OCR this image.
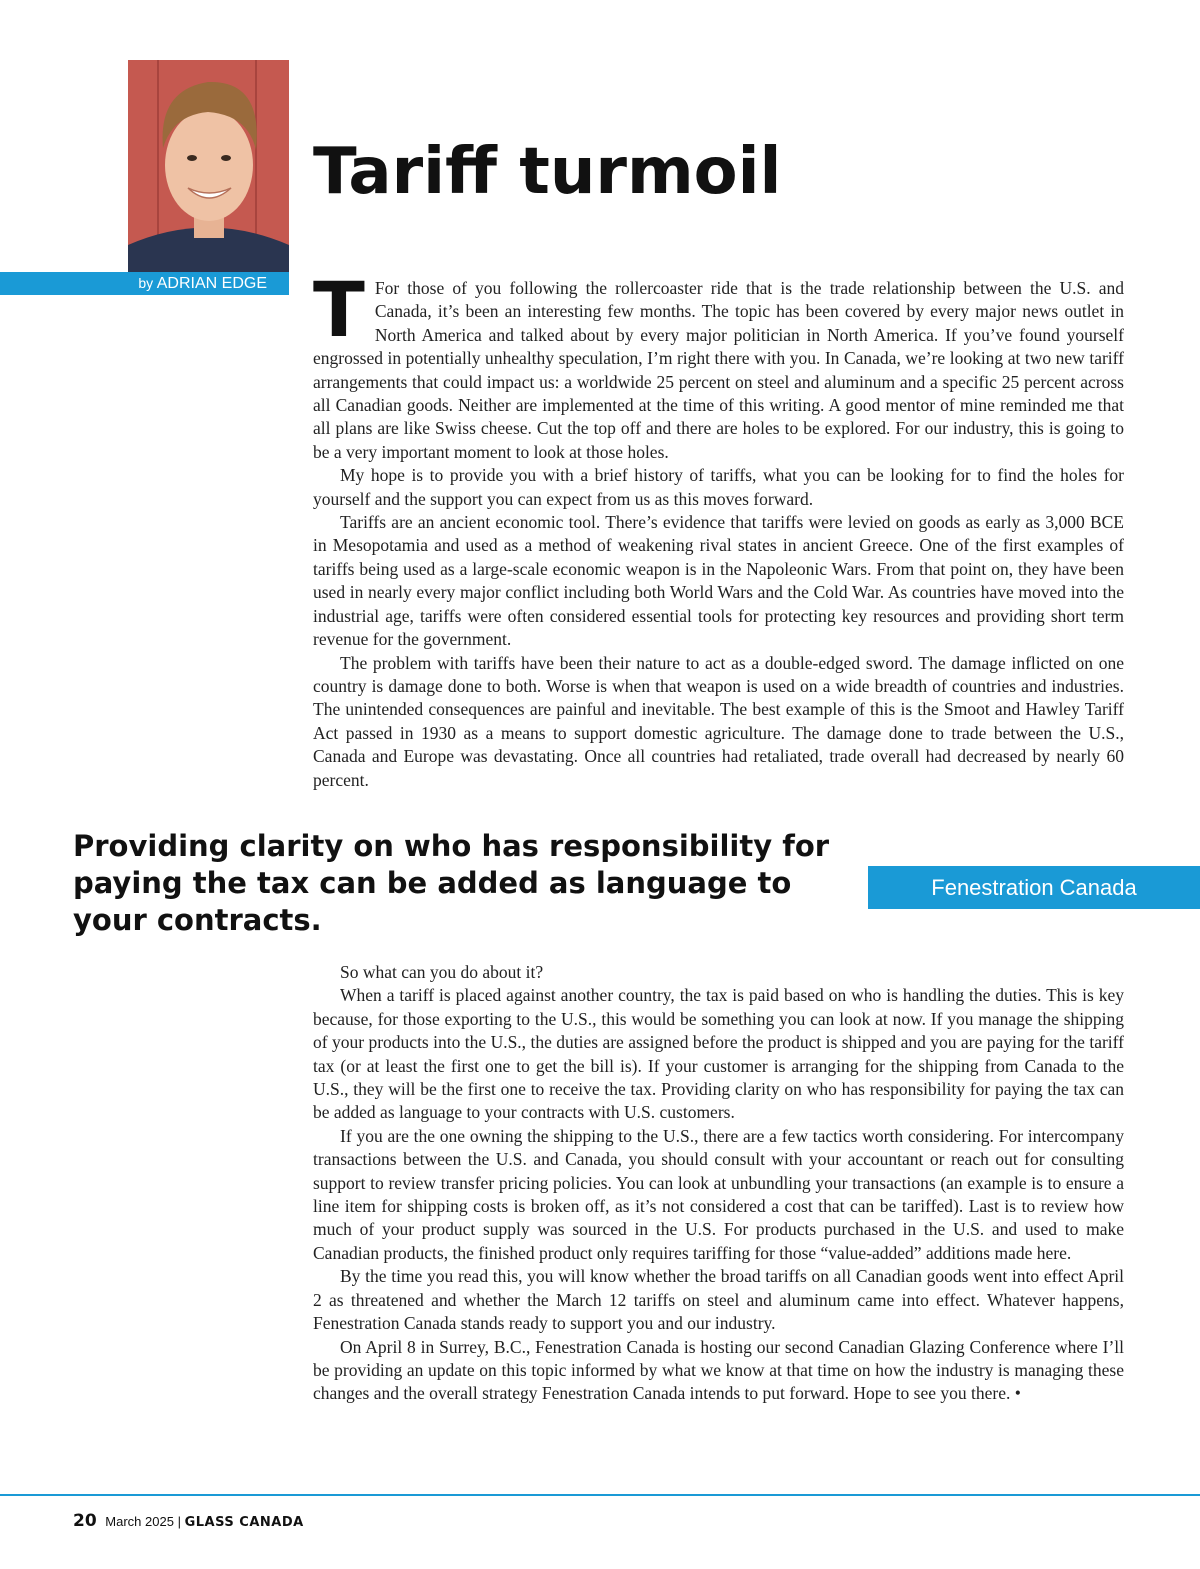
by ADRIAN EDGE
Tariff turmoil

T For those of you following the rollercoaster ride that is the trade relationship between the U.S. and Canada, it’s been an interesting few months. The topic has been covered by every major news outlet in North America and talked about by every major politician in North America. If you’ve found yourself engrossed in potentially unhealthy speculation, I’m right there with you. In Canada, we’re looking at two new tariff arrangements that could impact us: a worldwide 25 percent on steel and aluminum and a specific 25 percent across all Canadian goods. Neither are implemented at the time of this writing. A good mentor of mine reminded me that all plans are like Swiss cheese. Cut the top off and there are holes to be explored. For our industry, this is going to be a very important moment to look at those holes.

My hope is to provide you with a brief history of tariffs, what you can be looking for to find the holes for yourself and the support you can expect from us as this moves forward.

Tariffs are an ancient economic tool. There’s evidence that tariffs were levied on goods as early as 3,000 BCE in Mesopotamia and used as a method of weakening rival states in ancient Greece. One of the first examples of tariffs being used as a large-scale economic weapon is in the Napoleonic Wars. From that point on, they have been used in nearly every major conflict including both World Wars and the Cold War. As countries have moved into the industrial age, tariffs were often considered essential tools for protecting key resources and providing short term revenue for the government.

The problem with tariffs have been their nature to act as a double-edged sword. The damage inflicted on one country is damage done to both. Worse is when that weapon is used on a wide breadth of countries and industries. The unintended consequences are painful and inevitable. The best example of this is the Smoot and Hawley Tariff Act passed in 1930 as a means to support domestic agriculture. The damage done to trade between the U.S., Canada and Europe was devastating. Once all countries had retaliated, trade overall had decreased by nearly 60 percent.

Providing clarity on who has responsibility for paying the tax can be added as language to your contracts.

Fenestration Canada

So what can you do about it?

When a tariff is placed against another country, the tax is paid based on who is handling the duties. This is key because, for those exporting to the U.S., this would be something you can look at now. If you manage the shipping of your products into the U.S., the duties are assigned before the product is shipped and you are paying for the tariff tax (or at least the first one to get the bill is). If your customer is arranging for the shipping from Canada to the U.S., they will be the first one to receive the tax. Providing clarity on who has responsibility for paying the tax can be added as language to your contracts with U.S. customers.

If you are the one owning the shipping to the U.S., there are a few tactics worth considering. For intercompany transactions between the U.S. and Canada, you should consult with your accountant or reach out for consulting support to review transfer pricing policies. You can look at unbundling your transactions (an example is to ensure a line item for shipping costs is broken off, as it’s not considered a cost that can be tariffed). Last is to review how much of your product supply was sourced in the U.S. For products purchased in the U.S. and used to make Canadian products, the finished product only requires tariffing for those “value-added” additions made here.

By the time you read this, you will know whether the broad tariffs on all Canadian goods went into effect April 2 as threatened and whether the March 12 tariffs on steel and aluminum came into effect. Whatever happens, Fenestration Canada stands ready to support you and our industry.

On April 8 in Surrey, B.C., Fenestration Canada is hosting our second Canadian Glazing Conference where I’ll be providing an update on this topic informed by what we know at that time on how the industry is managing these changes and the overall strategy Fenestration Canada intends to put forward. Hope to see you there. •

20 March 2025 | GLASS CANADA
